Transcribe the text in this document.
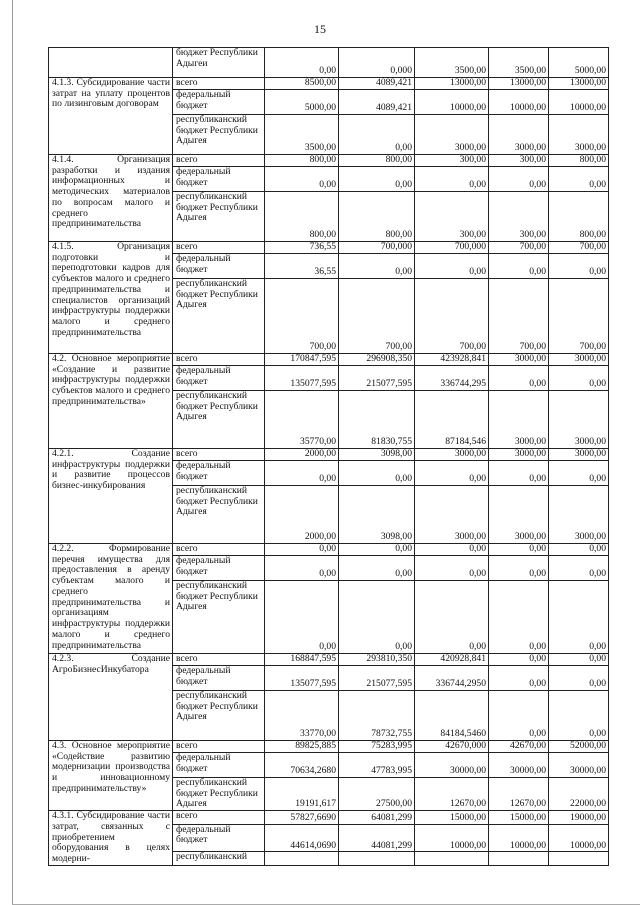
15
	бюджет Республики Адыгеи	0,00	0,000	3500,00	3500,00	5000,00
4.1.3. Субсидирование части затрат на уплату процентов по лизинговым договорам	всего	8500,00	4089,421	13000,00	13000,00	13000,00
	федеральный бюджет	5000,00	4089,421	10000,00	10000,00	10000,00
	республиканский бюджет Республики Адыгея	3500,00	0,00	3000,00	3000,00	3000,00
4.1.4. Организация разработки и издания информационных и методических материалов по вопросам малого и среднего предпринимательства	всего	800,00	800,00	300,00	300,00	800,00
	федеральный бюджет	0,00	0,00	0,00	0,00	0,00
	республиканский бюджет Республики Адыгея	800,00	800,00	300,00	300,00	800,00
4.1.5. Организация подготовки и переподготовки кадров для субъектов малого и среднего предпринимательства и специалистов организаций инфраструктуры поддержки малого и среднего предпринимательства	всего	736,55	700,000	700,000	700,00	700,00
	федеральный бюджет	36,55	0,00	0,00	0,00	0,00
	республиканский бюджет Республики Адыгея	700,00	700,00	700,00	700,00	700,00
4.2. Основное мероприятие «Создание и развитие инфраструктуры поддержки субъектов малого и среднего предпринимательства»	всего	170847,595	296908,350	423928,841	3000,00	3000,00
	федеральный бюджет	135077,595	215077,595	336744,295	0,00	0,00
	республиканский бюджет Республики Адыгея	35770,00	81830,755	87184,546	3000,00	3000,00
4.2.1. Создание инфраструктуры поддержки и развитие процессов бизнес-инкубирования	всего	2000,00	3098,00	3000,00	3000,00	3000,00
	федеральный бюджет	0,00	0,00	0,00	0,00	0,00
	республиканский бюджет Республики Адыгея	2000,00	3098,00	3000,00	3000,00	3000,00
4.2.2. Формирование перечня имущества для предоставления в аренду субъектам малого и среднего предпринимательства и организациям инфраструктуры поддержки малого и среднего предпринимательства	всего	0,00	0,00	0,00	0,00	0,00
	федеральный бюджет	0,00	0,00	0,00	0,00	0,00
	республиканский бюджет Республики Адыгея	0,00	0,00	0,00	0,00	0,00
4.2.3. Создание АгроБизнесИнкубатора	всего	168847,595	293810,350	420928,841	0,00	0,00
	федеральный бюджет	135077,595	215077,595	336744,2950	0,00	0,00
	республиканский бюджет Республики Адыгея	33770,00	78732,755	84184,5460	0,00	0,00
4.3. Основное мероприятие «Содействие развитию модернизации производства и инновационному предпринимательству»	всего	89825,885	75283,995	42670,000	42670,00	52000,00
	федеральный бюджет	70634,2680	47783,995	30000,00	30000,00	30000,00
	республиканский бюджет Республики Адыгея	19191,617	27500,00	12670,00	12670,00	22000,00
4.3.1. Субсидирование части затрат, связанных с приобретением оборудования в целях модерни-	всего	57827,6690	64081,299	15000,00	15000,00	19000,00
	федеральный бюджет	44614,0690	44081,299	10000,00	10000,00	10000,00
	республиканский					
